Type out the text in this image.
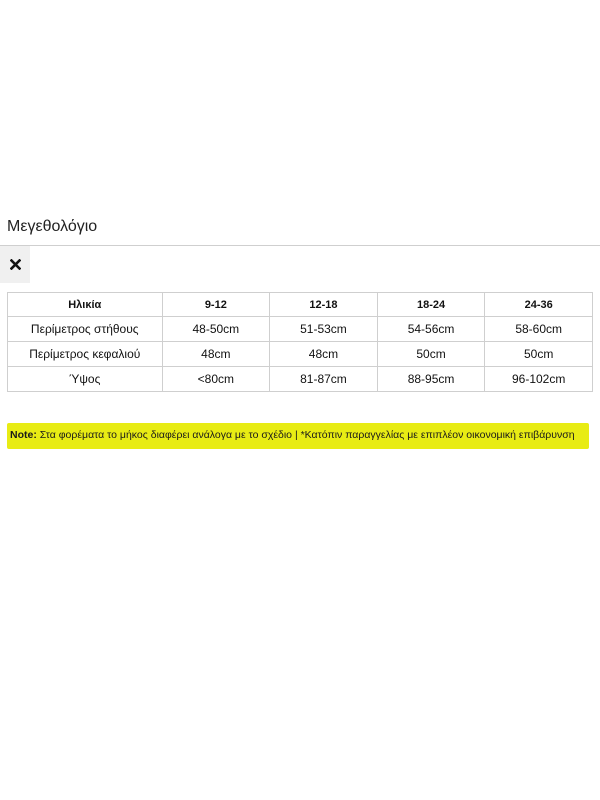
Μεγεθολόγιο
Ηλικία	9-12	12-18	18-24	24-36
Περίμετρος στήθους	48-50cm	51-53cm	54-56cm	58-60cm
Περίμετρος κεφαλιού	48cm	48cm	50cm	50cm
Ύψος	<80cm	81-87cm	88-95cm	96-102cm
Note: Στα φορέματα το μήκος διαφέρει ανάλογα με το σχέδιο | *Κατόπιν παραγγελίας με επιπλέον οικονομική επιβάρυνση
